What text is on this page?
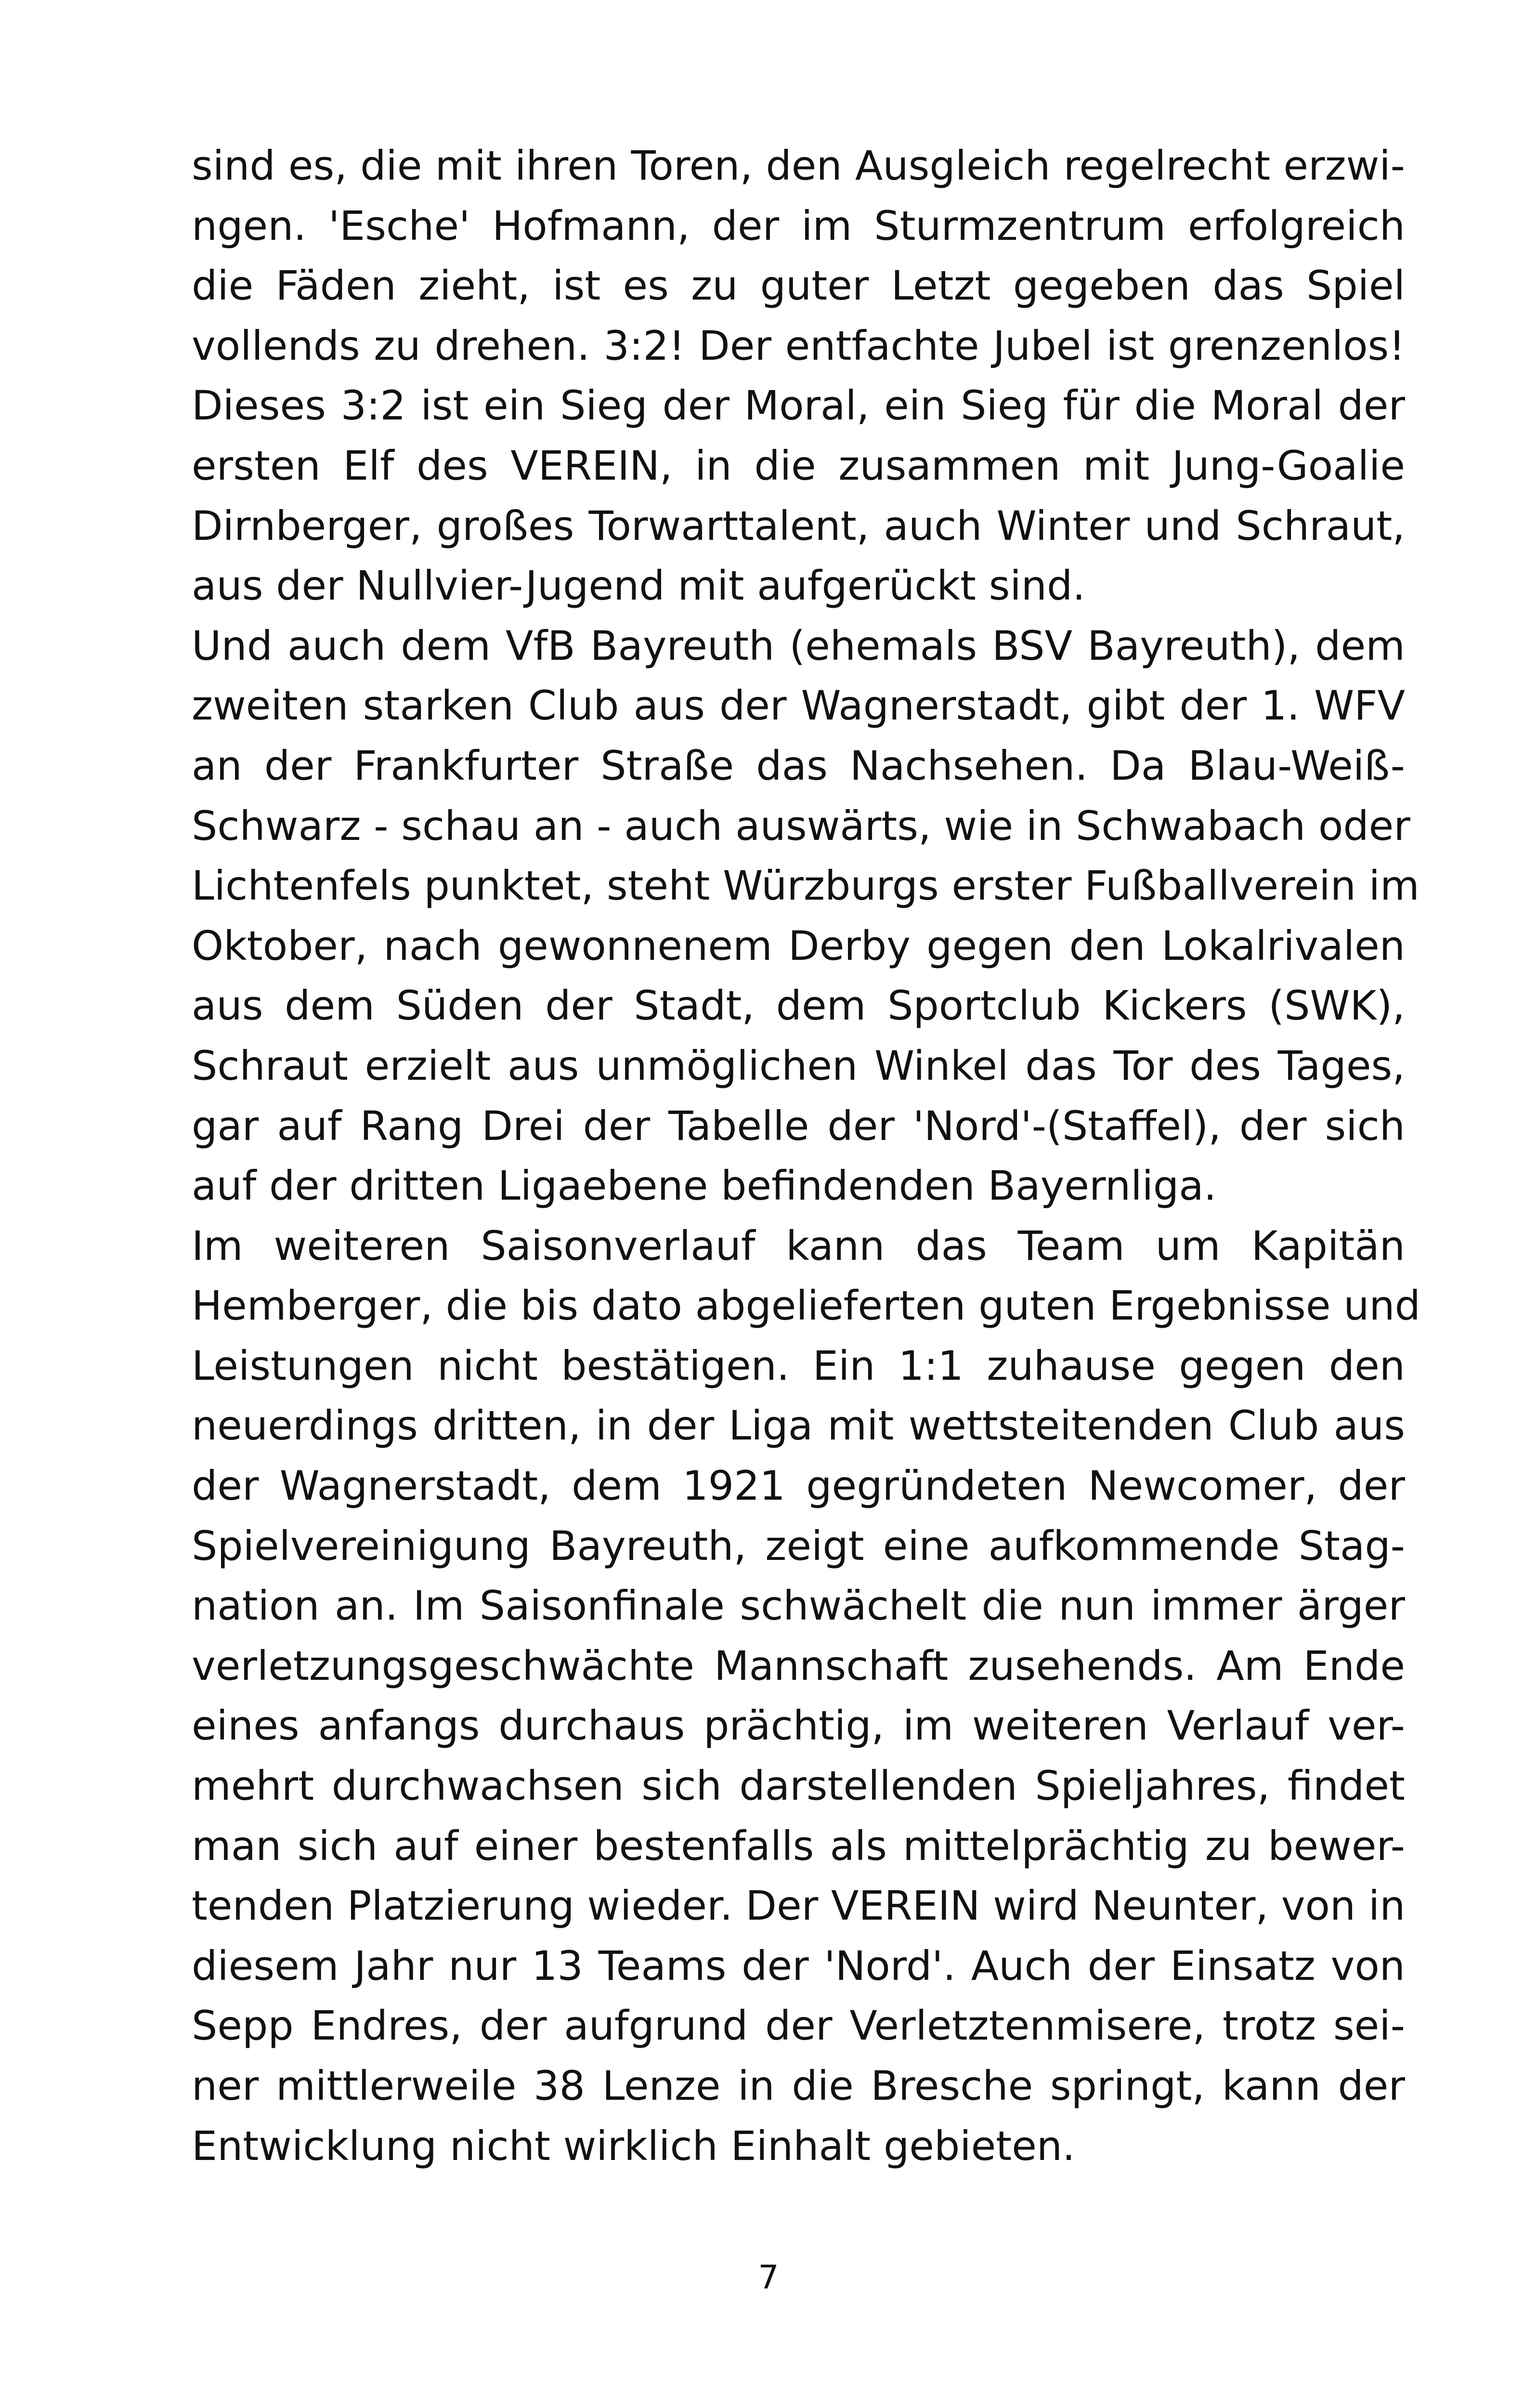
sind es, die mit ihren Toren, den Ausgleich regelrecht erzwi-
ngen. 'Esche' Hofmann, der im Sturmzentrum erfolgreich
die Fäden zieht, ist es zu guter Letzt gegeben das Spiel
vollends zu drehen. 3:2! Der entfachte Jubel ist grenzenlos!
Dieses 3:2 ist ein Sieg der Moral, ein Sieg für die Moral der
ersten Elf des VEREIN, in die zusammen mit Jung-Goalie
Dirnberger, großes Torwarttalent, auch Winter und Schraut,
aus der Nullvier-Jugend mit aufgerückt sind.
Und auch dem VfB Bayreuth (ehemals BSV Bayreuth), dem
zweiten starken Club aus der Wagnerstadt, gibt der 1. WFV
an der Frankfurter Straße das Nachsehen. Da Blau-Weiß-
Schwarz - schau an - auch auswärts, wie in Schwabach oder
Lichtenfels punktet, steht Würzburgs erster Fußballverein im
Oktober, nach gewonnenem Derby gegen den Lokalrivalen
aus dem Süden der Stadt, dem Sportclub Kickers (SWK),
Schraut erzielt aus unmöglichen Winkel das Tor des Tages,
gar auf Rang Drei der Tabelle der 'Nord'-(Staffel), der sich
auf der dritten Ligaebene befindenden Bayernliga.
Im weiteren Saisonverlauf kann das Team um Kapitän
Hemberger, die bis dato abgelieferten guten Ergebnisse und
Leistungen nicht bestätigen. Ein 1:1 zuhause gegen den
neuerdings dritten, in der Liga mit wettsteitenden Club aus
der Wagnerstadt, dem 1921 gegründeten Newcomer, der
Spielvereinigung Bayreuth, zeigt eine aufkommende Stag-
nation an. Im Saisonfinale schwächelt die nun immer ärger
verletzungsgeschwächte Mannschaft zusehends. Am Ende
eines anfangs durchaus prächtig, im weiteren Verlauf ver-
mehrt durchwachsen sich darstellenden Spieljahres, findet
man sich auf einer bestenfalls als mittelprächtig zu bewer-
tenden Platzierung wieder. Der VEREIN wird Neunter, von in
diesem Jahr nur 13 Teams der 'Nord'. Auch der Einsatz von
Sepp Endres, der aufgrund der Verletztenmisere, trotz sei-
ner mittlerweile 38 Lenze in die Bresche springt, kann der
Entwicklung nicht wirklich Einhalt gebieten.
7
